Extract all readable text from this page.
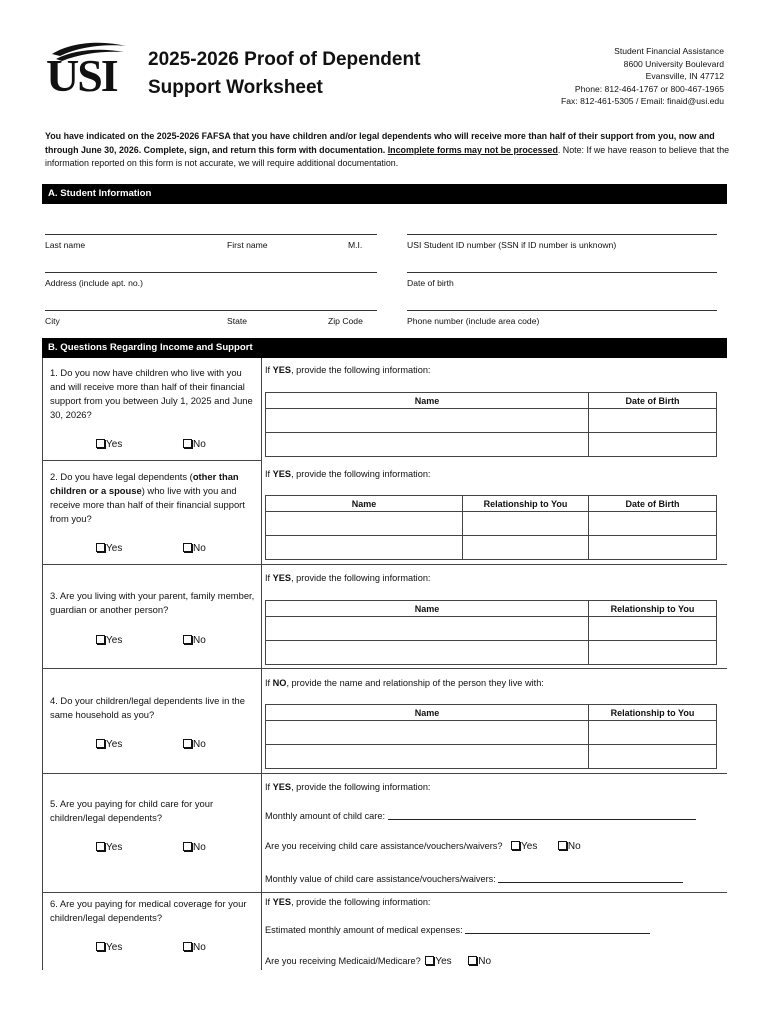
USI 2025-2026 Proof of Dependent
Support Worksheet
Student Financial Assistance
8600 University Boulevard
Evansville, IN 47712
Phone: 812-464-1767 or 800-467-1965
Fax: 812-461-5305 / Email: finaid@usi.edu
You have indicated on the 2025-2026 FAFSA that you have children and/or legal dependents who will receive more than half of their support from you, now and through June 30, 2026. Complete, sign, and return this form with documentation. Incomplete forms may not be processed. Note: If we have reason to believe that the information reported on this form is not accurate, we will require additional documentation.
A. Student Information
Last name	First name	M.I.	USI Student ID number (SSN if ID number is unknown)
Address (include apt. no.)	Date of birth
City	State	Zip Code	Phone number (include area code)
B. Questions Regarding Income and Support
1. Do you now have children who live with you and will receive more than half of their financial support from you between July 1, 2025 and June 30, 2026?
Yes	No
If YES, provide the following information:
Name	Date of Birth

2. Do you have legal dependents (other than children or a spouse) who live with you and receive more than half of their financial support from you?
Yes	No
If YES, provide the following information:
Name	Relationship to You	Date of Birth

3. Are you living with your parent, family member, guardian or another person?
Yes	No
If YES, provide the following information:
Name	Relationship to You

4. Do your children/legal dependents live in the same household as you?
Yes	No
If NO, provide the name and relationship of the person they live with:
Name	Relationship to You

5. Are you paying for child care for your children/legal dependents?
Yes	No
If YES, provide the following information:
Monthly amount of child care:
Are you receiving child care assistance/vouchers/waivers? Yes	No
Monthly value of child care assistance/vouchers/waivers:
6. Are you paying for medical coverage for your children/legal dependents?
Yes	No
If YES, provide the following information:
Estimated monthly amount of medical expenses:
Are you receiving Medicaid/Medicare? Yes	No
